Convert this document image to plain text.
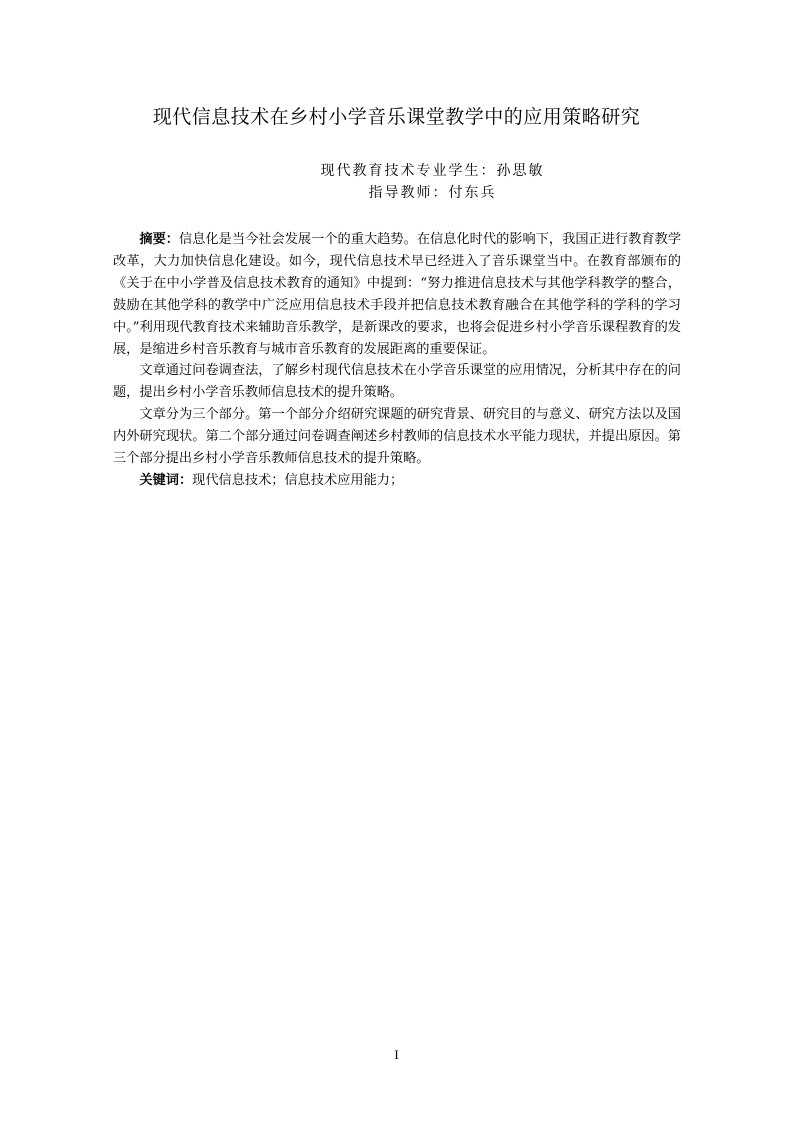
现代信息技术在乡村小学音乐课堂教学中的应用策略研究
现代教育技术专业学生：孙思敏
指导教师：付东兵

摘要：信息化是当今社会发展一个的重大趋势。在信息化时代的影响下，我国正进行教育教学改革，大力加快信息化建设。如今，现代信息技术早已经进入了音乐课堂当中。在教育部颁布的《关于在中小学普及信息技术教育的通知》中提到：“努力推进信息技术与其他学科教学的整合，鼓励在其他学科的教学中广泛应用信息技术手段并把信息技术教育融合在其他学科的学科的学习中。”利用现代教育技术来辅助音乐教学，是新课改的要求，也将会促进乡村小学音乐课程教育的发展，是缩进乡村音乐教育与城市音乐教育的发展距离的重要保证。

文章通过问卷调查法，了解乡村现代信息技术在小学音乐课堂的应用情况，分析其中存在的问题，提出乡村小学音乐教师信息技术的提升策略。

文章分为三个部分。第一个部分介绍研究课题的研究背景、研究目的与意义、研究方法以及国内外研究现状。第二个部分通过问卷调查阐述乡村教师的信息技术水平能力现状，并提出原因。第三个部分提出乡村小学音乐教师信息技术的提升策略。

关键词：现代信息技术；信息技术应用能力；

I
